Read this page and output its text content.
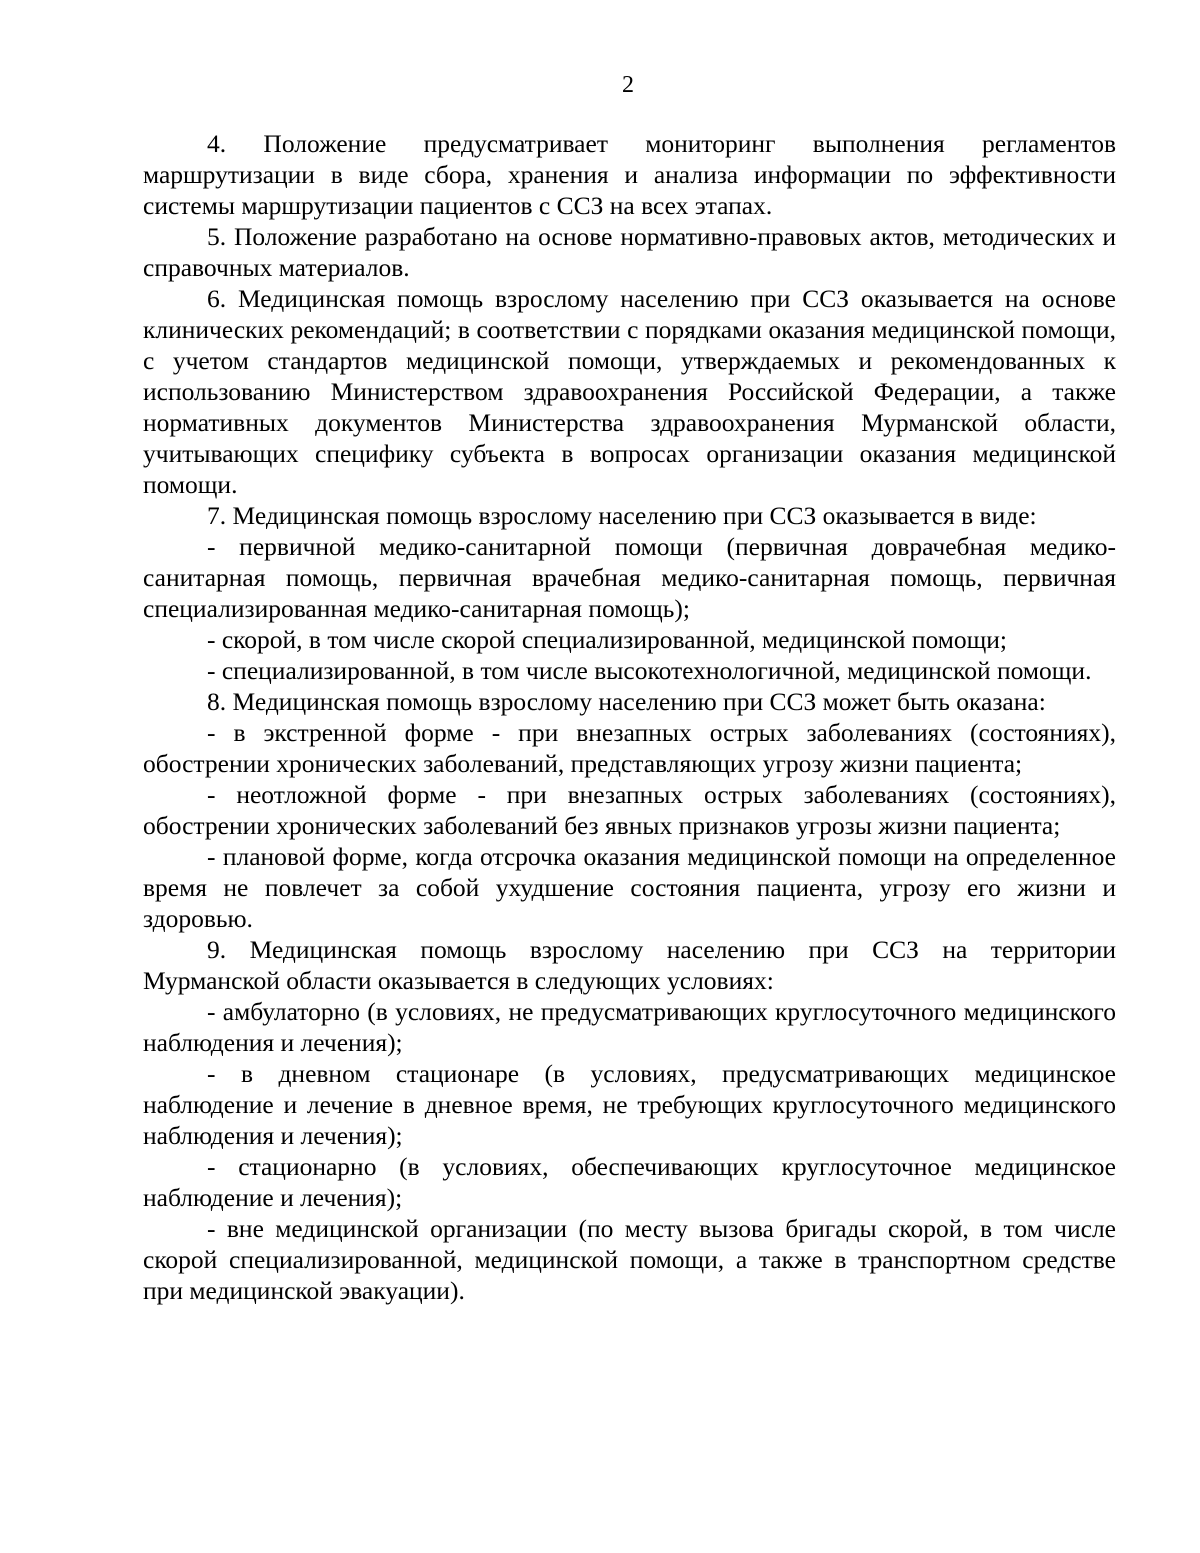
2

4. Положение предусматривает мониторинг выполнения регламентов маршрутизации в виде сбора, хранения и анализа информации по эффективности системы маршрутизации пациентов с ССЗ на всех этапах.

5. Положение разработано на основе нормативно-правовых актов, методических и справочных материалов.

6. Медицинская помощь взрослому населению при ССЗ оказывается на основе клинических рекомендаций; в соответствии с порядками оказания медицинской помощи, с учетом стандартов медицинской помощи, утверждаемых и рекомендованных к использованию Министерством здравоохранения Российской Федерации, а также нормативных документов Министерства здравоохранения Мурманской области, учитывающих специфику субъекта в вопросах организации оказания медицинской помощи.

7. Медицинская помощь взрослому населению при ССЗ оказывается в виде:

- первичной медико-санитарной помощи (первичная доврачебная медико-санитарная помощь, первичная врачебная медико-санитарная помощь, первичная специализированная медико-санитарная помощь);

- скорой, в том числе скорой специализированной, медицинской помощи;

- специализированной, в том числе высокотехнологичной, медицинской помощи.

8. Медицинская помощь взрослому населению при ССЗ может быть оказана:

- в экстренной форме - при внезапных острых заболеваниях (состояниях), обострении хронических заболеваний, представляющих угрозу жизни пациента;

- неотложной форме - при внезапных острых заболеваниях (состояниях), обострении хронических заболеваний без явных признаков угрозы жизни пациента;

- плановой форме, когда отсрочка оказания медицинской помощи на определенное время не повлечет за собой ухудшение состояния пациента, угрозу его жизни и здоровью.

9. Медицинская помощь взрослому населению при ССЗ на территории Мурманской области оказывается в следующих условиях:

- амбулаторно (в условиях, не предусматривающих круглосуточного медицинского наблюдения и лечения);

- в дневном стационаре (в условиях, предусматривающих медицинское наблюдение и лечение в дневное время, не требующих круглосуточного медицинского наблюдения и лечения);

- стационарно (в условиях, обеспечивающих круглосуточное медицинское наблюдение и лечения);

- вне медицинской организации (по месту вызова бригады скорой, в том числе скорой специализированной, медицинской помощи, а также в транспортном средстве при медицинской эвакуации).
